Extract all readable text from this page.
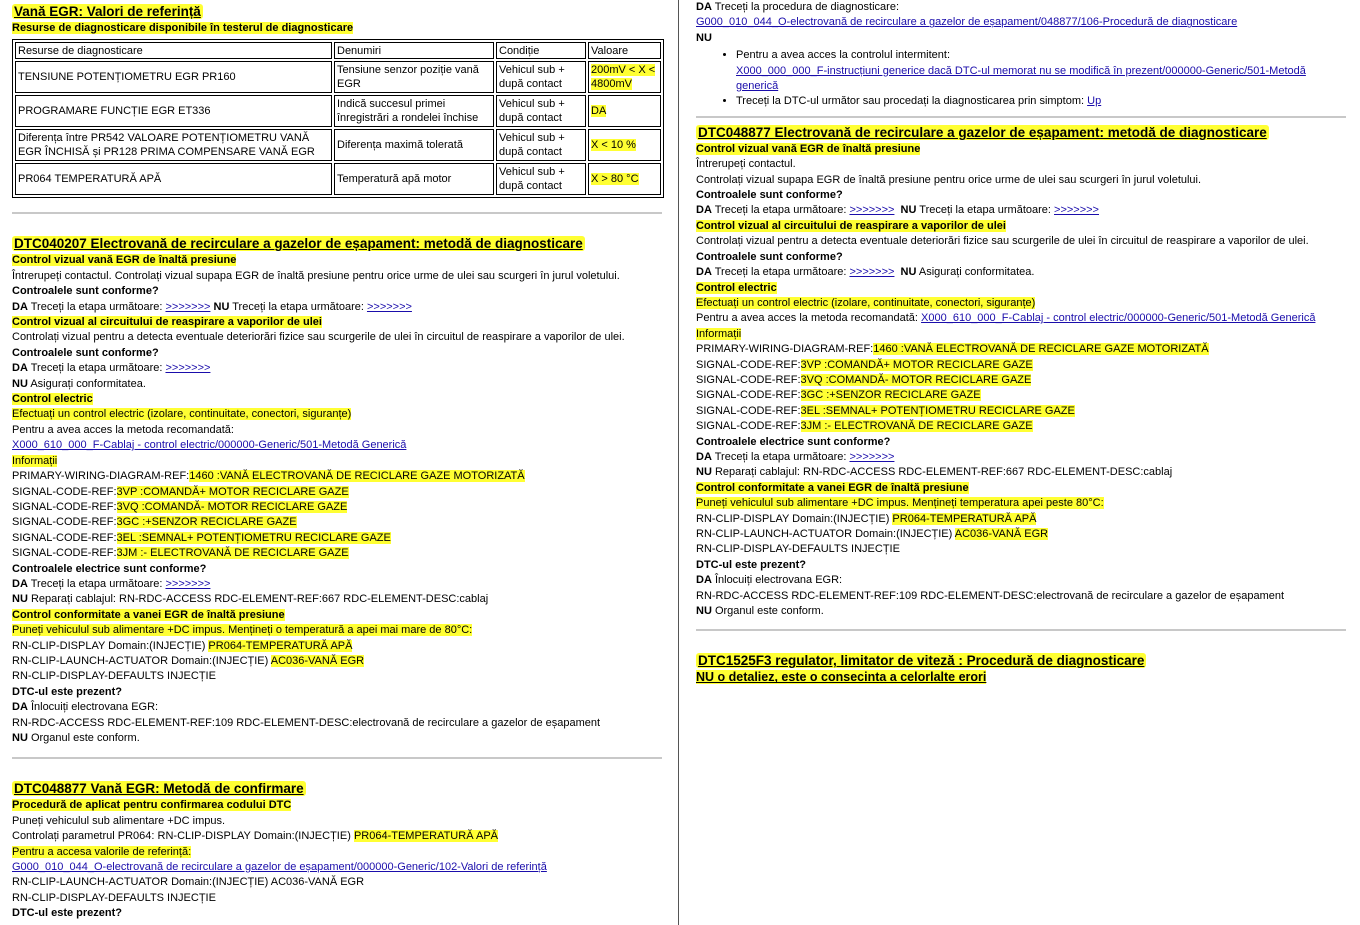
Vană EGR: Valori de referință
Resurse de diagnosticare disponibile în testerul de diagnosticare
Resurse de diagnosticare	Denumiri	Condiție	Valoare
TENSIUNE POTENȚIOMETRU EGR PR160	Tensiune senzor poziție vană EGR	Vehicul sub + după contact	200mV < X < 4800mV
PROGRAMARE FUNCȚIE EGR ET336	Indică succesul primei înregistrări a rondelei închise	Vehicul sub + după contact	DA
Diferența între PR542 VALOARE POTENȚIOMETRU VANĂ EGR ÎNCHISĂ și PR128 PRIMA COMPENSARE VANĂ EGR	Diferența maximă tolerată	Vehicul sub + după contact	X < 10 %
PR064 TEMPERATURĂ APĂ	Temperatură apă motor	Vehicul sub + după contact	X > 80 °C
DTC040207 Electrovană de recirculare a gazelor de eșapament: metodă de diagnosticare
Control vizual vană EGR de înaltă presiune
Întrerupeți contactul. Controlați vizual supapa EGR de înaltă presiune pentru orice urme de ulei sau scurgeri în jurul voletului.
Controalele sunt conforme?
DA Treceți la etapa următoare: >>>>>>> NU Treceți la etapa următoare: >>>>>>>
Control vizual al circuitului de reaspirare a vaporilor de ulei
Controlați vizual pentru a detecta eventuale deteriorări fizice sau scurgerile de ulei în circuitul de reaspirare a vaporilor de ulei.
Controalele sunt conforme?
DA Treceți la etapa următoare: >>>>>>>
NU Asigurați conformitatea.
Control electric
Efectuați un control electric (izolare, continuitate, conectori, siguranțe)
Pentru a avea acces la metoda recomandată:
X000_610_000_F-Cablaj - control electric/000000-Generic/501-Metodă Generică
Informații
PRIMARY-WIRING-DIAGRAM-REF:1460 :VANĂ ELECTROVANĂ DE RECICLARE GAZE MOTORIZATĂ
SIGNAL-CODE-REF:3VP :COMANDĂ+ MOTOR RECICLARE GAZE
SIGNAL-CODE-REF:3VQ :COMANDĂ- MOTOR RECICLARE GAZE
SIGNAL-CODE-REF:3GC :+SENZOR RECICLARE GAZE
SIGNAL-CODE-REF:3EL :SEMNAL+ POTENȚIOMETRU RECICLARE GAZE
SIGNAL-CODE-REF:3JM :- ELECTROVANĂ DE RECICLARE GAZE
Controalele electrice sunt conforme?
DA Treceți la etapa următoare: >>>>>>>
NU Reparați cablajul: RN-RDC-ACCESS RDC-ELEMENT-REF:667 RDC-ELEMENT-DESC:cablaj
Control conformitate a vanei EGR de înaltă presiune
Puneți vehiculul sub alimentare +DC impus. Mențineți o temperatură a apei mai mare de 80°C:
RN-CLIP-DISPLAY Domain:(INJECȚIE) PR064-TEMPERATURĂ APĂ
RN-CLIP-LAUNCH-ACTUATOR Domain:(INJECȚIE) AC036-VANĂ EGR
RN-CLIP-DISPLAY-DEFAULTS INJECȚIE
DTC-ul este prezent?
DA Înlocuiți electrovana EGR:
RN-RDC-ACCESS RDC-ELEMENT-REF:109 RDC-ELEMENT-DESC:electrovană de recirculare a gazelor de eșapament
NU Organul este conform.
DTC048877 Vană EGR: Metodă de confirmare
Procedură de aplicat pentru confirmarea codului DTC
Puneți vehiculul sub alimentare +DC impus.
Controlați parametrul PR064: RN-CLIP-DISPLAY Domain:(INJECȚIE) PR064-TEMPERATURĂ APĂ
Pentru a accesa valorile de referință:
G000_010_044_O-electrovană de recirculare a gazelor de eșapament/000000-Generic/102-Valori de referință
RN-CLIP-LAUNCH-ACTUATOR Domain:(INJECȚIE) AC036-VANĂ EGR
RN-CLIP-DISPLAY-DEFAULTS INJECȚIE
DTC-ul este prezent?
DA Treceți la procedura de diagnosticare:
G000_010_044_O-electrovană de recirculare a gazelor de eșapament/048877/106-Procedură de diagnosticare
NU
• Pentru a avea acces la controlul intermitent:
X000_000_000_F-instrucțiuni generice dacă DTC-ul memorat nu se modifică în prezent/000000-Generic/501-Metodă generică
• Treceți la DTC-ul următor sau procedați la diagnosticarea prin simptom: Up
DTC048877 Electrovană de recirculare a gazelor de eșapament: metodă de diagnosticare
Control vizual vană EGR de înaltă presiune
Întrerupeți contactul.
Controlați vizual supapa EGR de înaltă presiune pentru orice urme de ulei sau scurgeri în jurul voletului.
Controalele sunt conforme?
DA Treceți la etapa următoare: >>>>>>>  NU Treceți la etapa următoare: >>>>>>>
Control vizual al circuitului de reaspirare a vaporilor de ulei
Controlați vizual pentru a detecta eventuale deteriorări fizice sau scurgerile de ulei în circuitul de reaspirare a vaporilor de ulei.
Controalele sunt conforme?
DA Treceți la etapa următoare: >>>>>>>  NU Asigurați conformitatea.
Control electric
Efectuați un control electric (izolare, continuitate, conectori, siguranțe)
Pentru a avea acces la metoda recomandată: X000_610_000_F-Cablaj - control electric/000000-Generic/501-Metodă Generică
Informații
PRIMARY-WIRING-DIAGRAM-REF:1460 :VANĂ ELECTROVANĂ DE RECICLARE GAZE MOTORIZATĂ
SIGNAL-CODE-REF:3VP :COMANDĂ+ MOTOR RECICLARE GAZE
SIGNAL-CODE-REF:3VQ :COMANDĂ- MOTOR RECICLARE GAZE
SIGNAL-CODE-REF:3GC :+SENZOR RECICLARE GAZE
SIGNAL-CODE-REF:3EL :SEMNAL+ POTENȚIOMETRU RECICLARE GAZE
SIGNAL-CODE-REF:3JM :- ELECTROVANĂ DE RECICLARE GAZE
Controalele electrice sunt conforme?
DA Treceți la etapa următoare: >>>>>>>
NU Reparați cablajul: RN-RDC-ACCESS RDC-ELEMENT-REF:667 RDC-ELEMENT-DESC:cablaj
Control conformitate a vanei EGR de înaltă presiune
Puneți vehiculul sub alimentare +DC impus. Mențineți temperatura apei peste 80°C:
RN-CLIP-DISPLAY Domain:(INJECȚIE) PR064-TEMPERATURĂ APĂ
RN-CLIP-LAUNCH-ACTUATOR Domain:(INJECȚIE) AC036-VANĂ EGR
RN-CLIP-DISPLAY-DEFAULTS INJECȚIE
DTC-ul este prezent?
DA Înlocuiți electrovana EGR:
RN-RDC-ACCESS RDC-ELEMENT-REF:109 RDC-ELEMENT-DESC:electrovană de recirculare a gazelor de eșapament
NU Organul este conform.
DTC1525F3 regulator, limitator de viteză : Procedură de diagnosticare
NU o detaliez, este o consecinta a celorlalte erori
